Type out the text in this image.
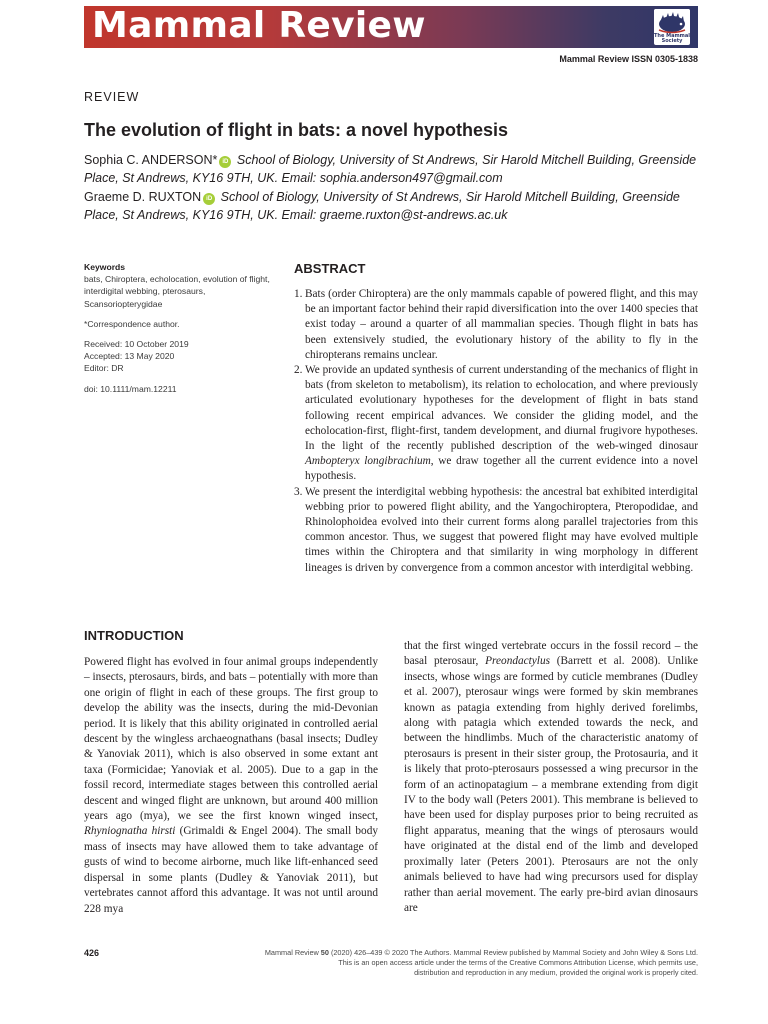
Mammal Review	The Mammal Society
Mammal Review ISSN 0305-1838
REVIEW
The evolution of flight in bats: a novel hypothesis
Sophia C. ANDERSON* iD School of Biology, University of St Andrews, Sir Harold Mitchell Building, Greenside Place, St Andrews, KY16 9TH, UK. Email: sophia.anderson497@gmail.com
Graeme D. RUXTON iD School of Biology, University of St Andrews, Sir Harold Mitchell Building, Greenside Place, St Andrews, KY16 9TH, UK. Email: graeme.ruxton@st-andrews.ac.uk
Keywords
bats, Chiroptera, echolocation, evolution of flight, interdigital webbing, pterosaurs, Scansoriopterygidae
*Correspondence author.
Received: 10 October 2019
Accepted: 13 May 2020
Editor: DR
doi: 10.1111/mam.12211
ABSTRACT
1. Bats (order Chiroptera) are the only mammals capable of powered flight, and this may be an important factor behind their rapid diversification into the over 1400 species that exist today – around a quarter of all mammalian species. Though flight in bats has been extensively studied, the evolutionary history of the ability to fly in the chiropterans remains unclear.
2. We provide an updated synthesis of current understanding of the mechanics of flight in bats (from skeleton to metabolism), its relation to echolocation, and where previously articulated evolutionary hypotheses for the development of flight in bats stand following recent empirical advances. We consider the gliding model, and the echolocation-first, flight-first, tandem development, and diurnal frugivore hypotheses. In the light of the recently published description of the web-winged dinosaur Ambopteryx longibrachium, we draw together all the current evidence into a novel hypothesis.
3. We present the interdigital webbing hypothesis: the ancestral bat exhibited interdigital webbing prior to powered flight ability, and the Yangochiroptera, Pteropodidae, and Rhinolophoidea evolved into their current forms along parallel trajectories from this common ancestor. Thus, we suggest that powered flight may have evolved multiple times within the Chiroptera and that similarity in wing morphology in different lineages is driven by convergence from a common ancestor with interdigital webbing.
INTRODUCTION
Powered flight has evolved in four animal groups independently – insects, pterosaurs, birds, and bats – potentially with more than one origin of flight in each of these groups. The first group to develop the ability was the insects, during the mid-Devonian period. It is likely that this ability originated in controlled aerial descent by the wingless archaeognathans (basal insects; Dudley & Yanoviak 2011), which is also observed in some extant ant taxa (Formicidae; Yanoviak et al. 2005). Due to a gap in the fossil record, intermediate stages between this controlled aerial descent and winged flight are unknown, but around 400 million years ago (mya), we see the first known winged insect, Rhyniognatha hirsti (Grimaldi & Engel 2004). The small body mass of insects may have allowed them to take advantage of gusts of wind to become airborne, much like lift-enhanced seed dispersal in some plants (Dudley & Yanoviak 2011), but vertebrates cannot afford this advantage. It was not until around 228 mya
that the first winged vertebrate occurs in the fossil record – the basal pterosaur, Preondactylus (Barrett et al. 2008). Unlike insects, whose wings are formed by cuticle membranes (Dudley et al. 2007), pterosaur wings were formed by skin membranes known as patagia extending from highly derived forelimbs, along with patagia which extended towards the neck, and between the hindlimbs. Much of the characteristic anatomy of pterosaurs is present in their sister group, the Protosauria, and it is likely that proto-pterosaurs possessed a wing precursor in the form of an actinopatagium – a membrane extending from digit IV to the body wall (Peters 2001). This membrane is believed to have been used for display purposes prior to being recruited as flight apparatus, meaning that the wings of pterosaurs would have originated at the distal end of the limb and developed proximally later (Peters 2001). Pterosaurs are not the only animals believed to have had wing precursors used for display rather than aerial movement. The early pre-bird avian dinosaurs are
426	Mammal Review 50 (2020) 426–439 © 2020 The Authors. Mammal Review published by Mammal Society and John Wiley & Sons Ltd.
This is an open access article under the terms of the Creative Commons Attribution License, which permits use,
distribution and reproduction in any medium, provided the original work is properly cited.
